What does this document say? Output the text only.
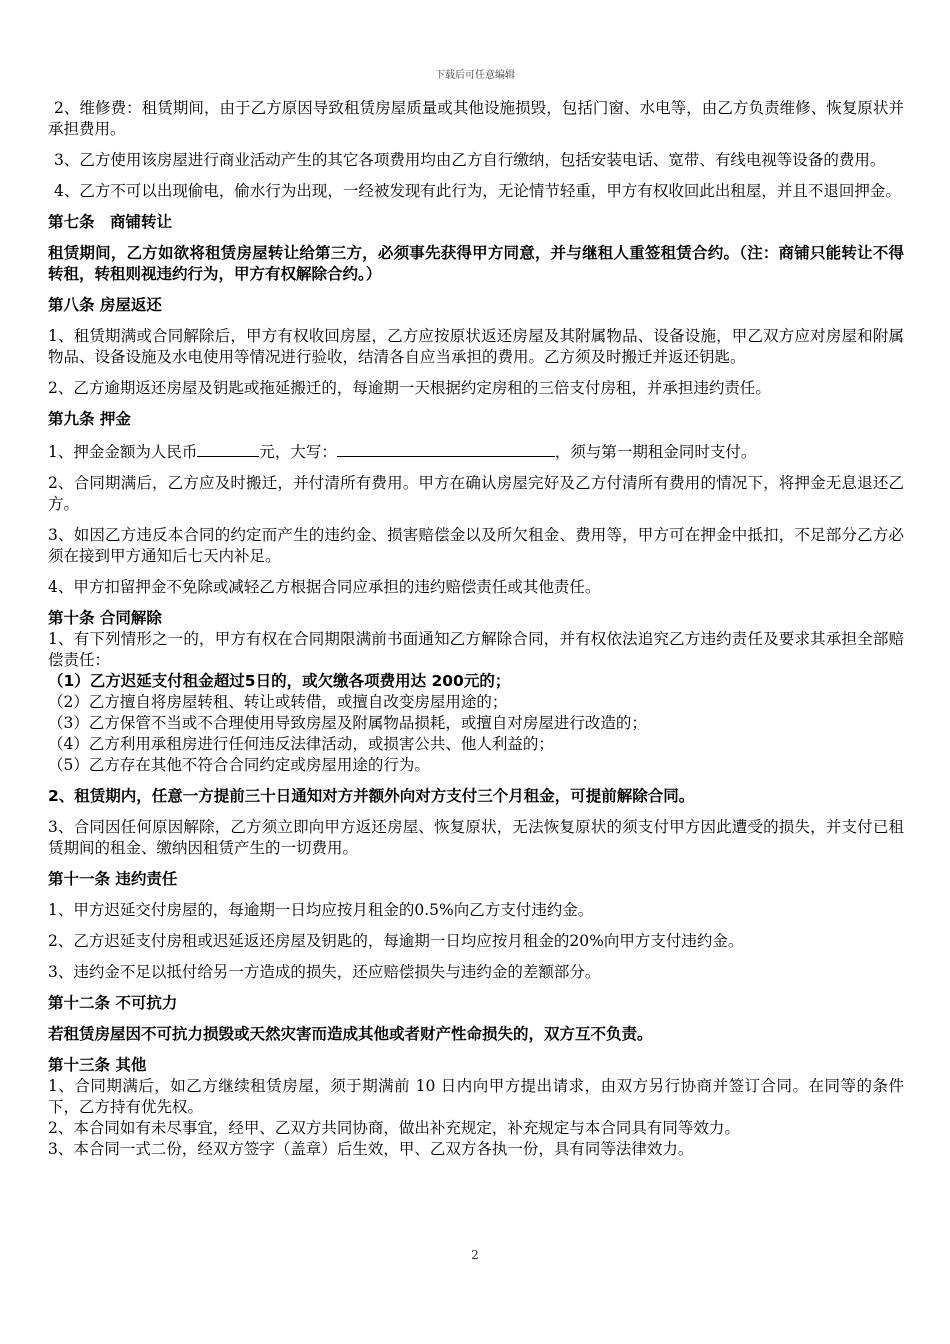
下载后可任意编辑

2、维修费：租赁期间，由于乙方原因导致租赁房屋质量或其他设施损毁，包括门窗、水电等，由乙方负责维修、恢复原状并承担费用。

3、乙方使用该房屋进行商业活动产生的其它各项费用均由乙方自行缴纳，包括安装电话、宽带、有线电视等设备的费用。

4、乙方不可以出现偷电，偷水行为出现，一经被发现有此行为，无论情节轻重，甲方有权收回此出租屋，并且不退回押金。

第七条　商铺转让

租赁期间，乙方如欲将租赁房屋转让给第三方，必须事先获得甲方同意，并与继租人重签租赁合约。（注：商铺只能转让不得转租，转租则视违约行为，甲方有权解除合约。）

第八条 房屋返还

1、租赁期满或合同解除后，甲方有权收回房屋，乙方应按原状返还房屋及其附属物品、设备设施，甲乙双方应对房屋和附属物品、设备设施及水电使用等情况进行验收，结清各自应当承担的费用。乙方须及时搬迁并返还钥匙。

2、乙方逾期返还房屋及钥匙或拖延搬迁的，每逾期一天根据约定房租的三倍支付房租，并承担违约责任。

第九条 押金

1、押金金额为人民币	元，大写：	，须与第一期租金同时支付。

2、合同期满后，乙方应及时搬迁，并付清所有费用。甲方在确认房屋完好及乙方付清所有费用的情况下，将押金无息退还乙方。

3、如因乙方违反本合同的约定而产生的违约金、损害赔偿金以及所欠租金、费用等，甲方可在押金中抵扣，不足部分乙方必须在接到甲方通知后七天内补足。

4、甲方扣留押金不免除或减轻乙方根据合同应承担的违约赔偿责任或其他责任。

第十条 合同解除

1、有下列情形之一的，甲方有权在合同期限满前书面通知乙方解除合同，并有权依法追究乙方违约责任及要求其承担全部赔偿责任：

（1）乙方迟延支付租金超过5日的，或欠缴各项费用达 200元的；

（2）乙方擅自将房屋转租、转让或转借，或擅自改变房屋用途的；

（3）乙方保管不当或不合理使用导致房屋及附属物品损耗，或擅自对房屋进行改造的；

（4）乙方利用承租房进行任何违反法律活动，或损害公共、他人利益的；

（5）乙方存在其他不符合合同约定或房屋用途的行为。

2、租赁期内，任意一方提前三十日通知对方并额外向对方支付三个月租金，可提前解除合同。

3、合同因任何原因解除，乙方须立即向甲方返还房屋、恢复原状，无法恢复原状的须支付甲方因此遭受的损失，并支付已租赁期间的租金、缴纳因租赁产生的一切费用。

第十一条 违约责任

1、甲方迟延交付房屋的，每逾期一日均应按月租金的0.5%向乙方支付违约金。

2、乙方迟延支付房租或迟延返还房屋及钥匙的，每逾期一日均应按月租金的20%向甲方支付违约金。

3、违约金不足以抵付给另一方造成的损失，还应赔偿损失与违约金的差额部分。

第十二条 不可抗力

若租赁房屋因不可抗力损毁或天然灾害而造成其他或者财产性命损失的，双方互不负责。

第十三条 其他

1、合同期满后，如乙方继续租赁房屋，须于期满前 10 日内向甲方提出请求，由双方另行协商并签订合同。在同等的条件下，乙方持有优先权。

2、本合同如有未尽事宜，经甲、乙双方共同协商，做出补充规定，补充规定与本合同具有同等效力。

3、本合同一式二份，经双方签字（盖章）后生效，甲、乙双方各执一份，具有同等法律效力。

2
